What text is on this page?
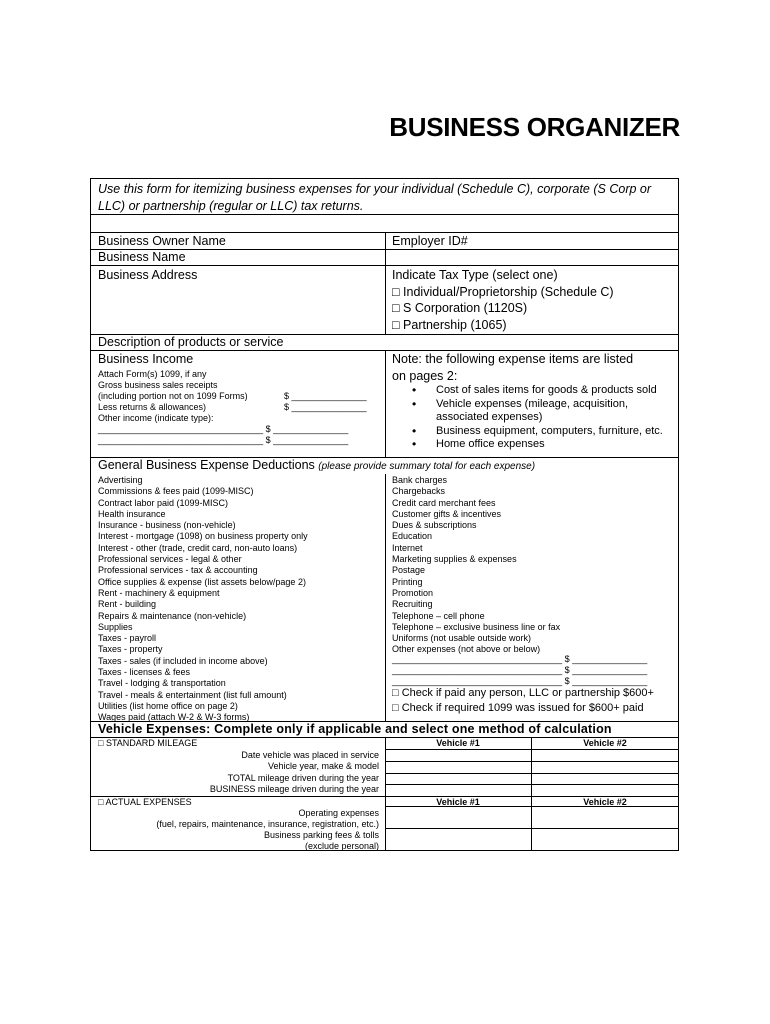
BUSINESS ORGANIZER
Use this form for itemizing business expenses for your individual (Schedule C), corporate (S Corp or LLC) or partnership (regular or LLC) tax returns.
Business Owner Name	Employer ID#
Business Name
Business Address	Indicate Tax Type (select one)
□ Individual/Proprietorship (Schedule C)
□ S Corporation (1120S)
□ Partnership (1065)
Description of products or service
Business Income
Attach Form(s) 1099, if any
Gross business sales receipts
(including portion not on 1099 Forms)	$ _______________
Less returns & allowances)	$ _______________
Other income (indicate type):
_________________________________ $ _______________
_________________________________ $ _______________
Note: the following expense items are listed
on pages 2:
• Cost of sales items for goods & products sold
• Vehicle expenses (mileage, acquisition,
associated expenses)
• Business equipment, computers, furniture, etc.
• Home office expenses
General Business Expense Deductions (please provide summary total for each expense)
Advertising
Commissions & fees paid (1099-MISC)
Contract labor paid (1099-MISC)
Health insurance
Insurance - business (non-vehicle)
Interest - mortgage (1098) on business property only
Interest - other (trade, credit card, non-auto loans)
Professional services - legal & other
Professional services - tax & accounting
Office supplies & expense (list assets below/page 2)
Rent - machinery & equipment
Rent - building
Repairs & maintenance (non-vehicle)
Supplies
Taxes - payroll
Taxes - property
Taxes - sales (if included in income above)
Taxes - licenses & fees
Travel - lodging & transportation
Travel - meals & entertainment (list full amount)
Utilities (list home office on page 2)
Wages paid (attach W-2 & W-3 forms)
Bank charges
Chargebacks
Credit card merchant fees
Customer gifts & incentives
Dues & subscriptions
Education
Internet
Marketing supplies & expenses
Postage
Printing
Promotion
Recruiting
Telephone – cell phone
Telephone – exclusive business line or fax
Uniforms (not usable outside work)
Other expenses (not above or below)
__________________________________ $ _______________
__________________________________ $ _______________
__________________________________ $ _______________
□ Check if paid any person, LLC or partnership $600+
□ Check if required 1099 was issued for $600+ paid
Vehicle Expenses: Complete only if applicable and select one method of calculation
□ STANDARD MILEAGE	Vehicle #1	Vehicle #2
Date vehicle was placed in service
Vehicle year, make & model
TOTAL mileage driven during the year
BUSINESS mileage driven during the year
□ ACTUAL EXPENSES	Vehicle #1	Vehicle #2
Operating expenses
(fuel, repairs, maintenance, insurance, registration, etc.)
Business parking fees & tolls
(exclude personal)
